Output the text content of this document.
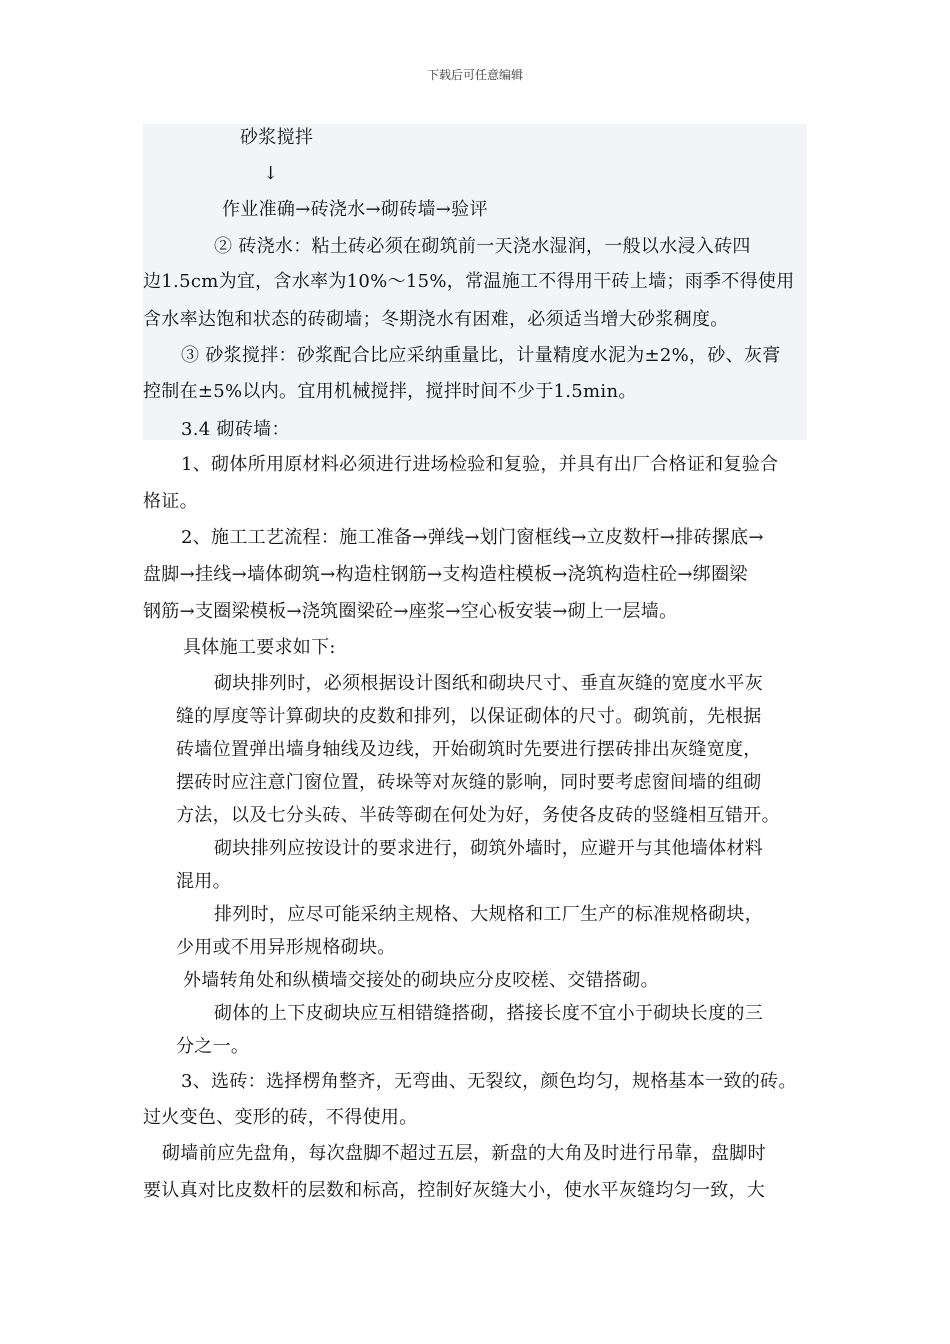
下载后可任意编辑
砂浆搅拌
↓
作业准确→砖浇水→砌砖墙→验评
② 砖浇水：粘土砖必须在砌筑前一天浇水湿润，一般以水浸入砖四
边1.5cm为宜，含水率为10%～15%，常温施工不得用干砖上墙；雨季不得使用
含水率达饱和状态的砖砌墙；冬期浇水有困难，必须适当增大砂浆稠度。
③ 砂浆搅拌：砂浆配合比应采纳重量比，计量精度水泥为±2%，砂、灰膏
控制在±5%以内。宜用机械搅拌，搅拌时间不少于1.5min。
3.4 砌砖墙：
1、砌体所用原材料必须进行进场检验和复验，并具有出厂合格证和复验合
格证。
2、施工工艺流程：施工准备→弹线→划门窗框线→立皮数杆→排砖摞底→
盘脚→挂线→墙体砌筑→构造柱钢筋→支构造柱模板→浇筑构造柱砼→绑圈梁
钢筋→支圈梁模板→浇筑圈梁砼→座浆→空心板安装→砌上一层墙。
具体施工要求如下:
砌块排列时，必须根据设计图纸和砌块尺寸、垂直灰缝的宽度水平灰
缝的厚度等计算砌块的皮数和排列，以保证砌体的尺寸。砌筑前，先根据
砖墙位置弹出墙身轴线及边线，开始砌筑时先要进行摆砖排出灰缝宽度，
摆砖时应注意门窗位置，砖垛等对灰缝的影响，同时要考虑窗间墙的组砌
方法，以及七分头砖、半砖等砌在何处为好，务使各皮砖的竖缝相互错开。
砌块排列应按设计的要求进行，砌筑外墙时，应避开与其他墙体材料
混用。
排列时，应尽可能采纳主规格、大规格和工厂生产的标准规格砌块，
少用或不用异形规格砌块。
外墙转角处和纵横墙交接处的砌块应分皮咬槎、交错搭砌。
砌体的上下皮砌块应互相错缝搭砌，搭接长度不宜小于砌块长度的三
分之一。
3、选砖：选择楞角整齐，无弯曲、无裂纹，颜色均匀，规格基本一致的砖。
过火变色、变形的砖，不得使用。
砌墙前应先盘角，每次盘脚不超过五层，新盘的大角及时进行吊靠，盘脚时
要认真对比皮数杆的层数和标高，控制好灰缝大小，使水平灰缝均匀一致，大
